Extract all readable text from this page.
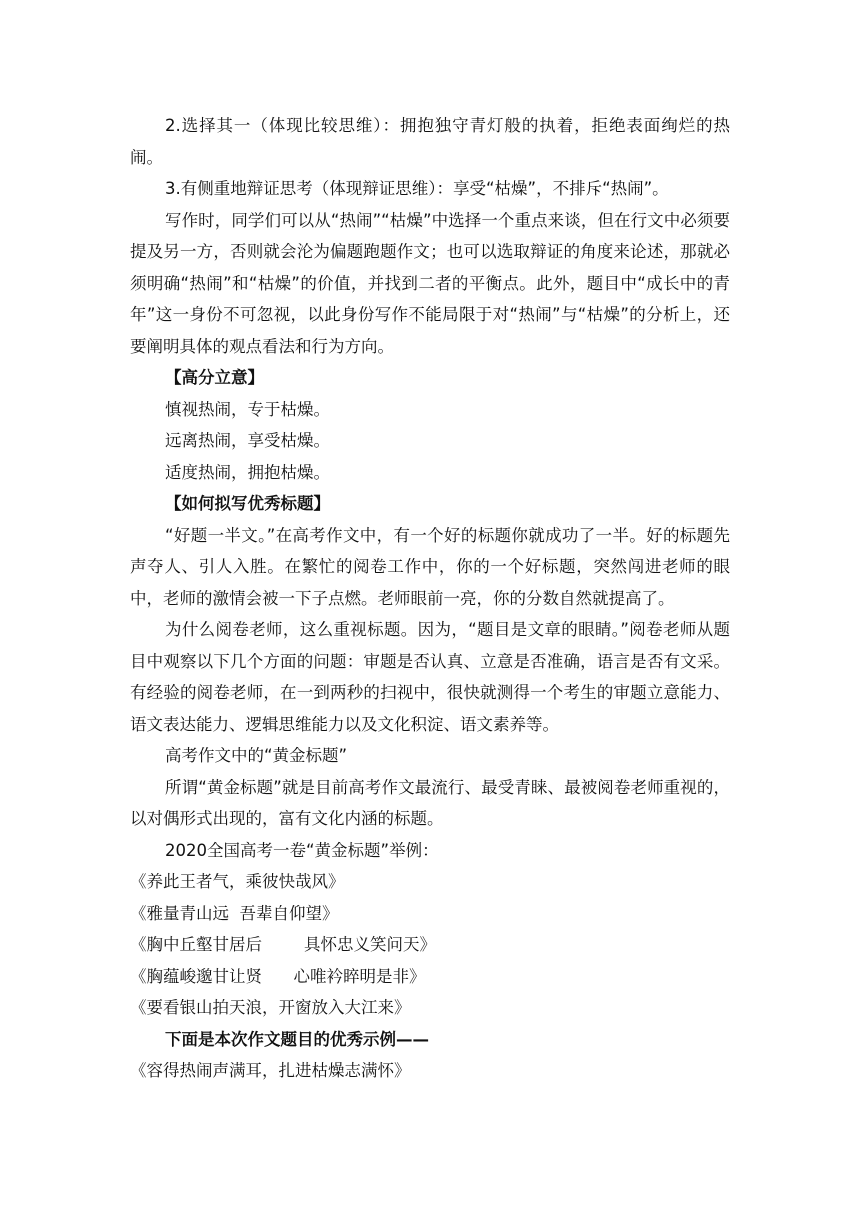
2.选择其一（体现比较思维）：拥抱独守青灯般的执着，拒绝表面绚烂的热闹。

3.有侧重地辩证思考（体现辩证思维）：享受“枯燥”，不排斥“热闹”。

写作时，同学们可以从“热闹”“枯燥”中选择一个重点来谈，但在行文中必须要提及另一方，否则就会沦为偏题跑题作文；也可以选取辩证的角度来论述，那就必须明确“热闹”和“枯燥”的价值，并找到二者的平衡点。此外，题目中“成长中的青年”这一身份不可忽视，以此身份写作不能局限于对“热闹”与“枯燥”的分析上，还要阐明具体的观点看法和行为方向。

【高分立意】

慎视热闹，专于枯燥。

远离热闹，享受枯燥。

适度热闹，拥抱枯燥。

【如何拟写优秀标题】

“好题一半文。”在高考作文中，有一个好的标题你就成功了一半。好的标题先声夺人、引人入胜。在繁忙的阅卷工作中，你的一个好标题，突然闯进老师的眼中，老师的激情会被一下子点燃。老师眼前一亮，你的分数自然就提高了。

为什么阅卷老师，这么重视标题。因为，“题目是文章的眼睛。”阅卷老师从题目中观察以下几个方面的问题：审题是否认真、立意是否准确，语言是否有文采。有经验的阅卷老师，在一到两秒的扫视中，很快就测得一个考生的审题立意能力、语文表达能力、逻辑思维能力以及文化积淀、语文素养等。

高考作文中的“黄金标题”

所谓“黄金标题”就是目前高考作文最流行、最受青睐、最被阅卷老师重视的，以对偶形式出现的，富有文化内涵的标题。

2020全国高考一卷“黄金标题”举例：

《养此王者气，乘彼快哉风》

《雅量青山远  吾辈自仰望》

《胸中丘壑甘居后        具怀忠义笑问天》

《胸蕴峻邈甘让贤      心唯衿睟明是非》

《要看银山拍天浪，开窗放入大江来》

下面是本次作文题目的优秀示例——

《容得热闹声满耳，扎进枯燥志满怀》
